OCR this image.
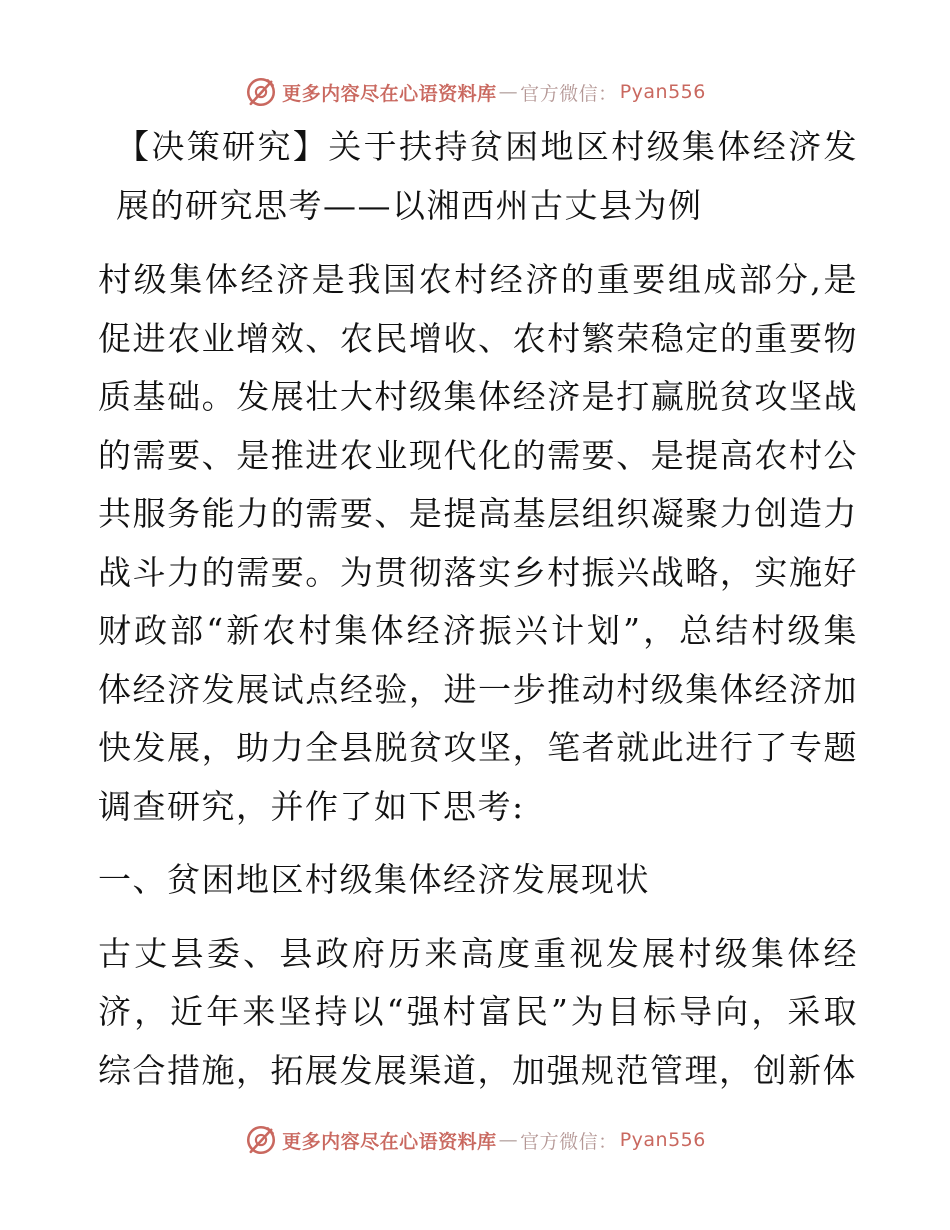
更多内容尽在心语资料库 — 官方微信： Pyan556

【决策研究】关于扶持贫困地区村级集体经济发展的研究思考——以湘西州古丈县为例

村级集体经济是我国农村经济的重要组成部分,是促进农业增效、农民增收、农村繁荣稳定的重要物质基础。发展壮大村级集体经济是打赢脱贫攻坚战的需要、是推进农业现代化的需要、是提高农村公共服务能力的需要、是提高基层组织凝聚力创造力战斗力的需要。为贯彻落实乡村振兴战略，实施好财政部“新农村集体经济振兴计划”，总结村级集体经济发展试点经验，进一步推动村级集体经济加快发展，助力全县脱贫攻坚，笔者就此进行了专题调查研究，并作了如下思考:

一、贫困地区村级集体经济发展现状

古丈县委、县政府历来高度重视发展村级集体经济，近年来坚持以“强村富民”为目标导向，采取综合措施，拓展发展渠道，加强规范管理，创新体

更多内容尽在心语资料库 — 官方微信： Pyan556
